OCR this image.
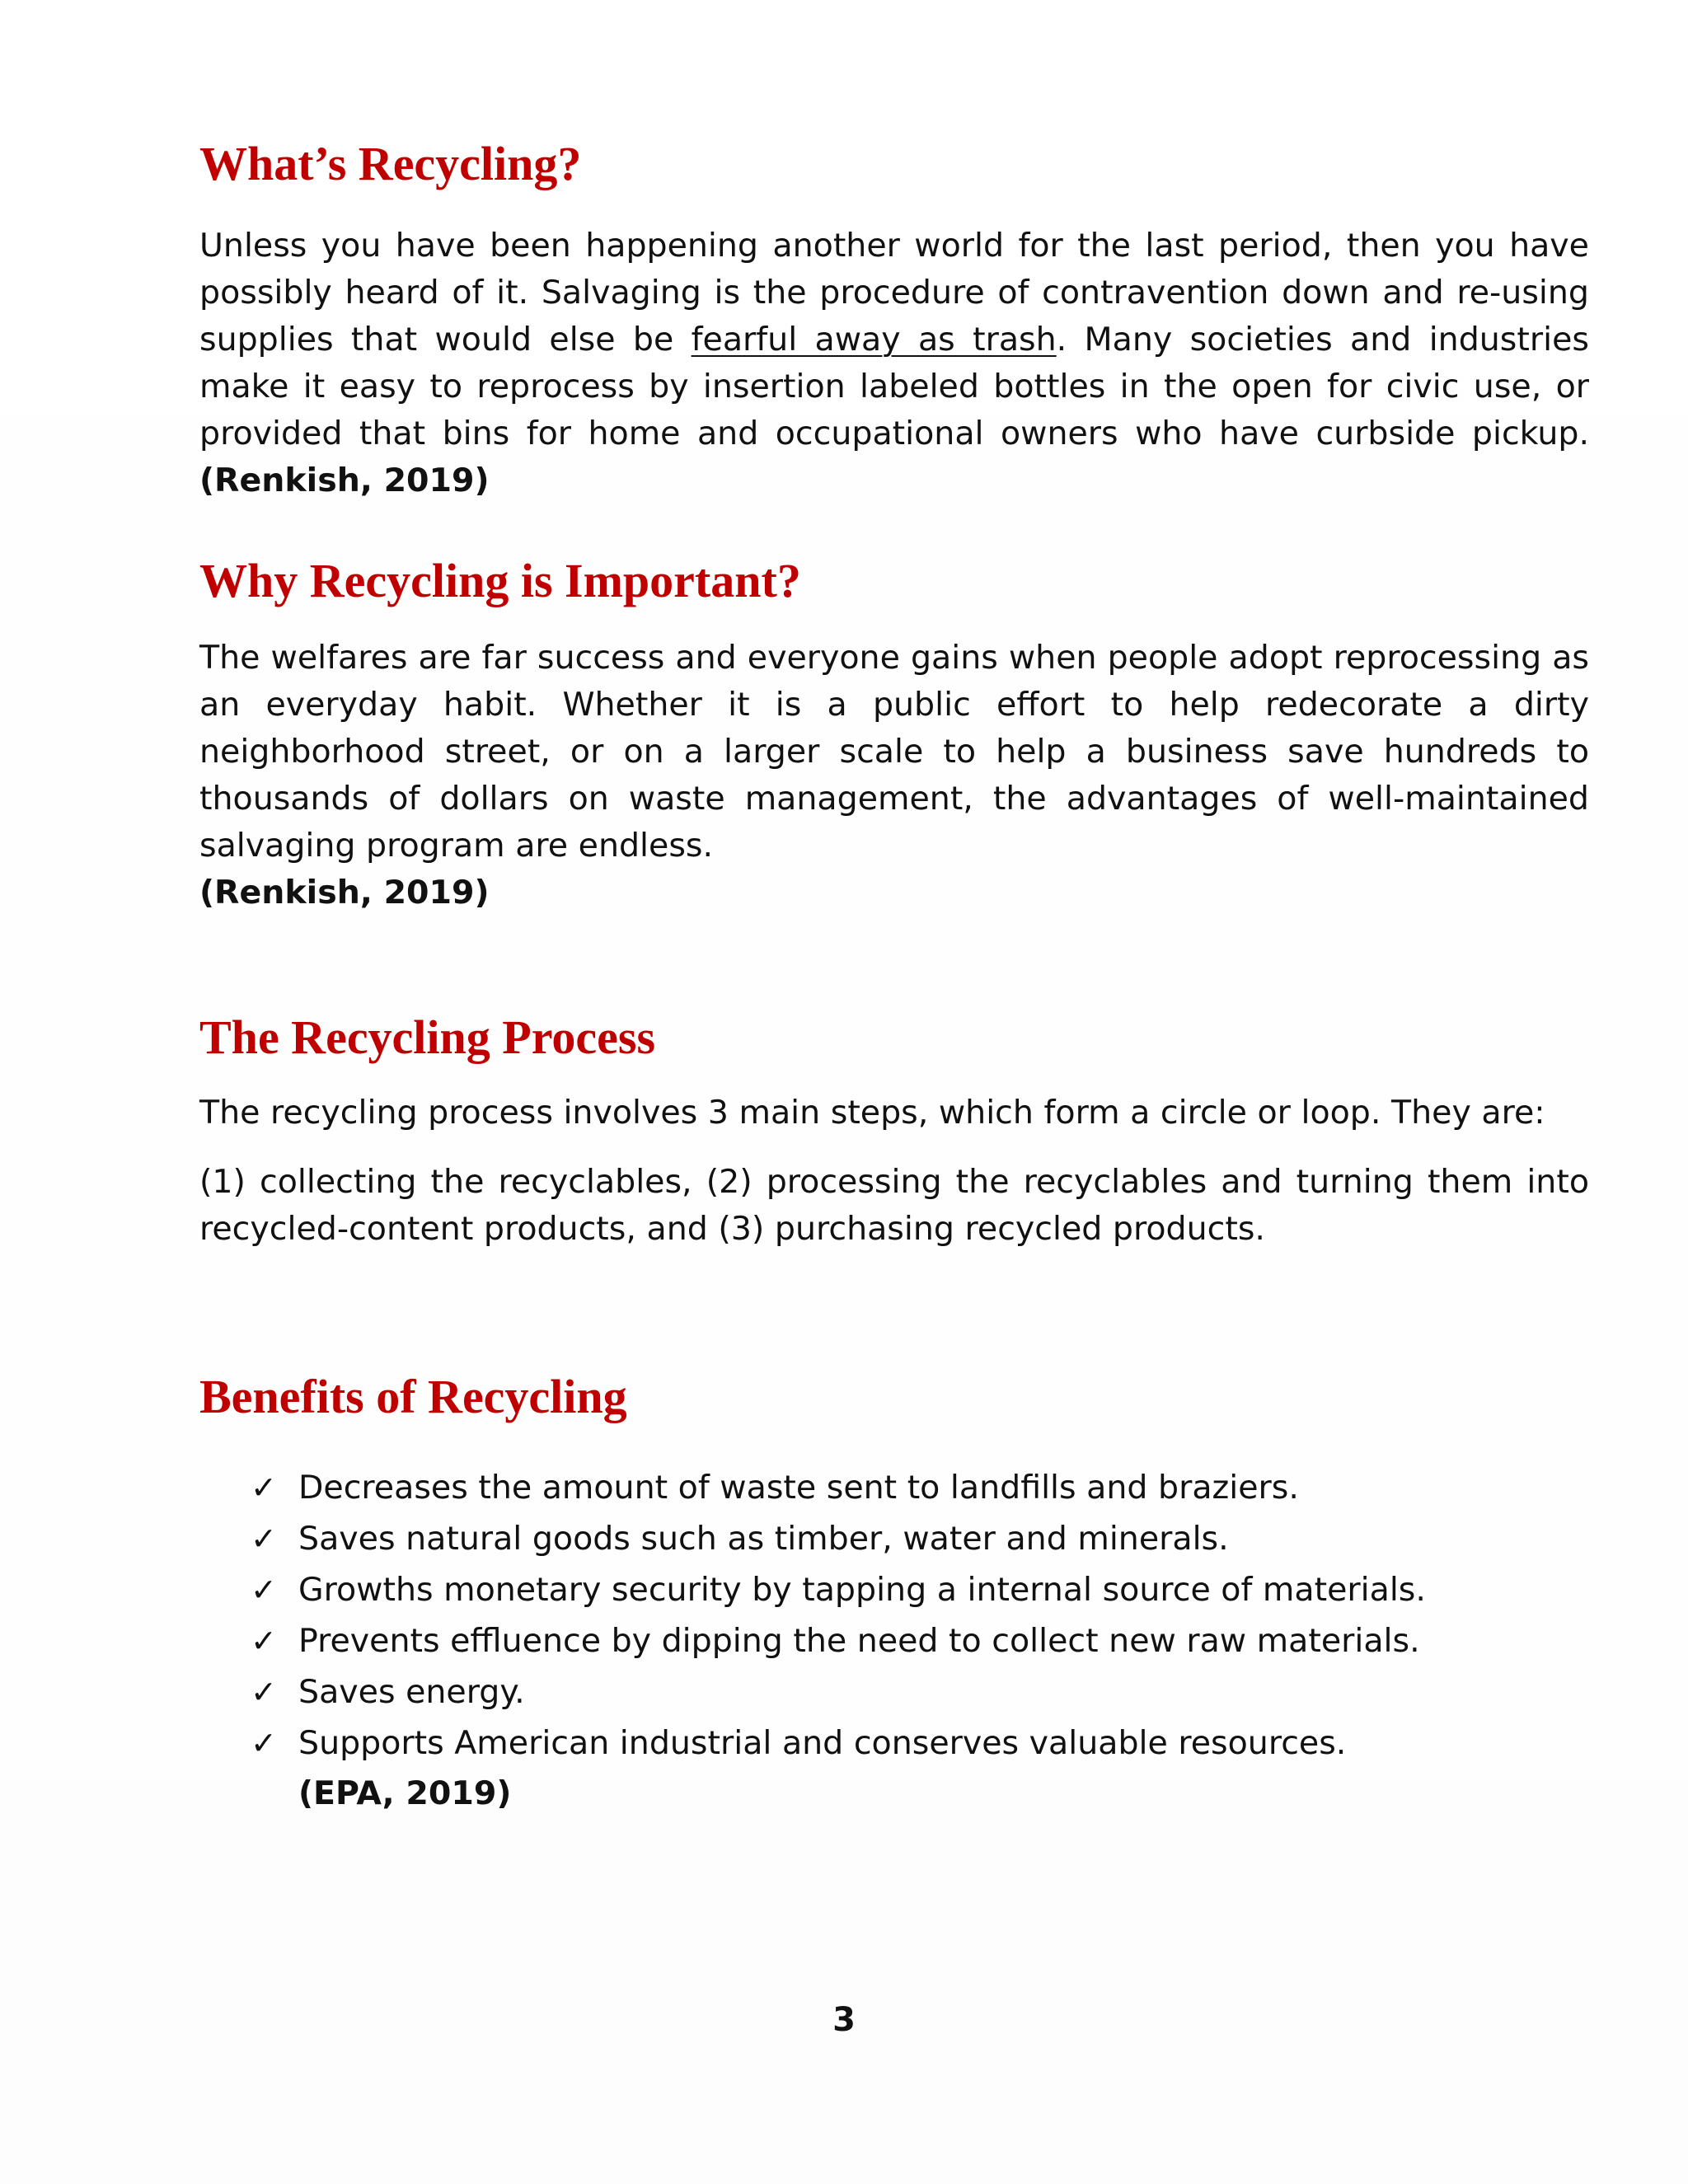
What’s Recycling?

Unless you have been happening another world for the last period, then you have possibly heard of it. Salvaging is the procedure of contravention down and re-using supplies that would else be fearful away as trash. Many societies and industries make it easy to reprocess by insertion labeled bottles in the open for civic use, or provided that bins for home and occupational owners who have curbside pickup. (Renkish, 2019)

Why Recycling is Important?

The welfares are far success and everyone gains when people adopt reprocessing as an everyday habit. Whether it is a public effort to help redecorate a dirty neighborhood street, or on a larger scale to help a business save hundreds to thousands of dollars on waste management, the advantages of well-maintained salvaging program are endless.
(Renkish, 2019)

The Recycling Process

The recycling process involves 3 main steps, which form a circle or loop. They are:

(1) collecting the recyclables, (2) processing the recyclables and turning them into recycled-content products, and (3) purchasing recycled products.

Benefits of Recycling
✓ Decreases the amount of waste sent to landfills and braziers.
✓ Saves natural goods such as timber, water and minerals.
✓ Growths monetary security by tapping a internal source of materials.
✓ Prevents effluence by dipping the need to collect new raw materials.
✓ Saves energy.
✓ Supports American industrial and conserves valuable resources.
(EPA, 2019)
3
